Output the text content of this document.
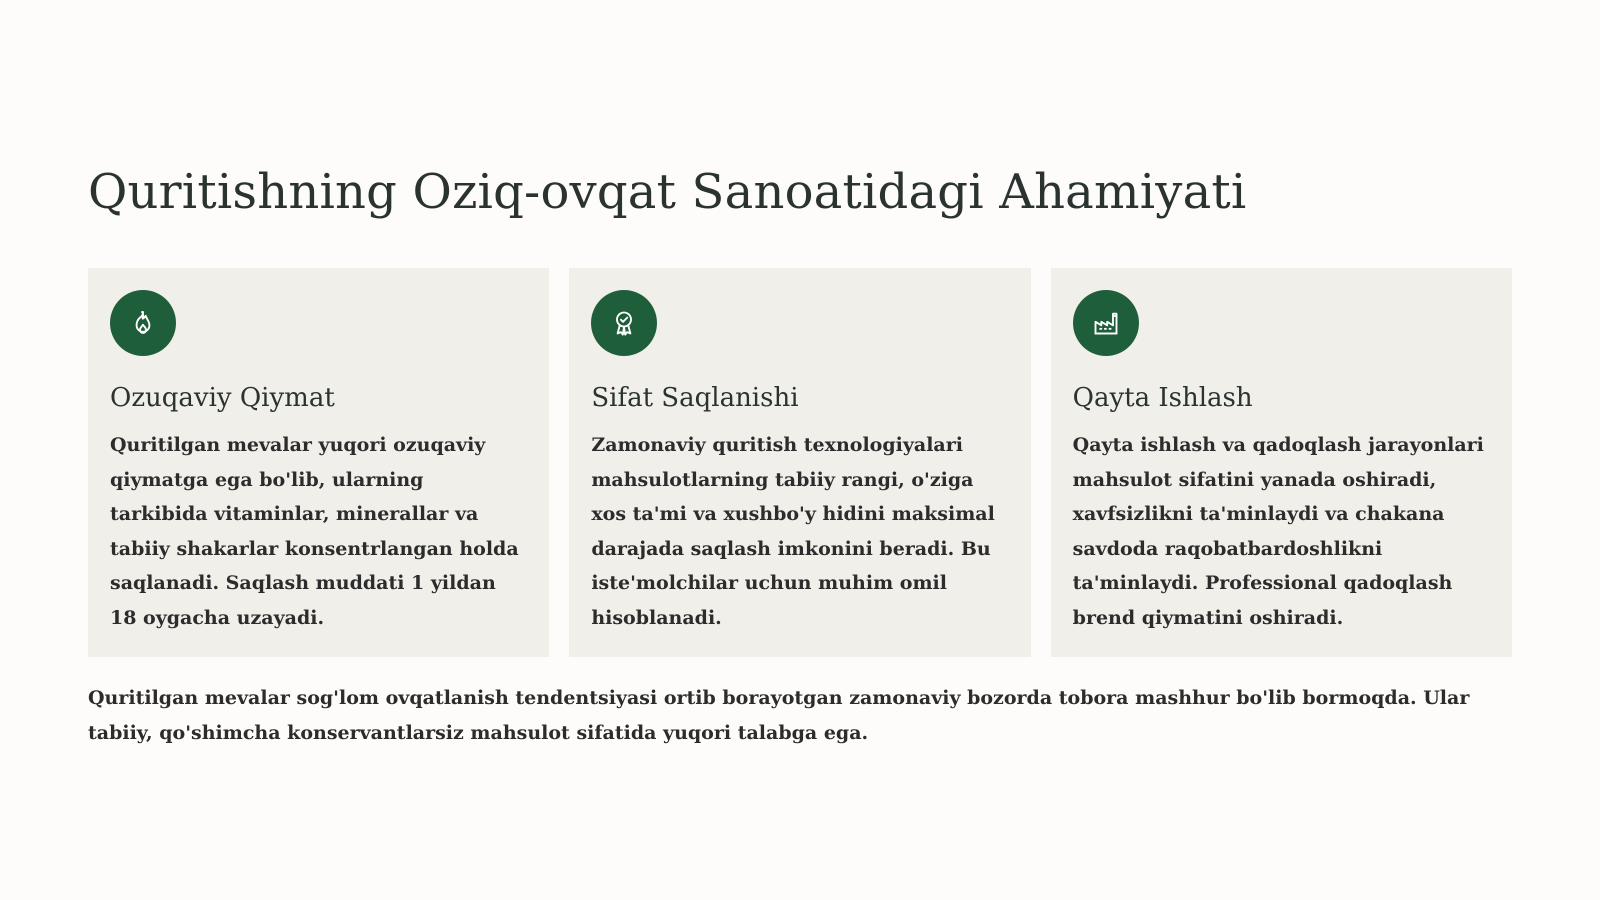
Quritishning Oziq-ovqat Sanoatidagi Ahamiyati
Ozuqaviy Qiymat

Quritilgan mevalar yuqori ozuqaviy qiymatga ega bo'lib, ularning tarkibida vitaminlar, minerallar va tabiiy shakarlar konsentrlangan holda saqlanadi. Saqlash muddati 1 yildan 18 oygacha uzayadi.

Sifat Saqlanishi

Zamonaviy quritish texnologiyalari mahsulotlarning tabiiy rangi, o'ziga xos ta'mi va xushbo'y hidini maksimal darajada saqlash imkonini beradi. Bu iste'molchilar uchun muhim omil hisoblanadi.

Qayta Ishlash

Qayta ishlash va qadoqlash jarayonlari mahsulot sifatini yanada oshiradi, xavfsizlikni ta'minlaydi va chakana savdoda raqobatbardoshlikni ta'minlaydi. Professional qadoqlash brend qiymatini oshiradi.

Quritilgan mevalar sog'lom ovqatlanish tendentsiyasi ortib borayotgan zamonaviy bozorda tobora mashhur bo'lib bormoqda. Ular tabiiy, qo'shimcha konservantlarsiz mahsulot sifatida yuqori talabga ega.
